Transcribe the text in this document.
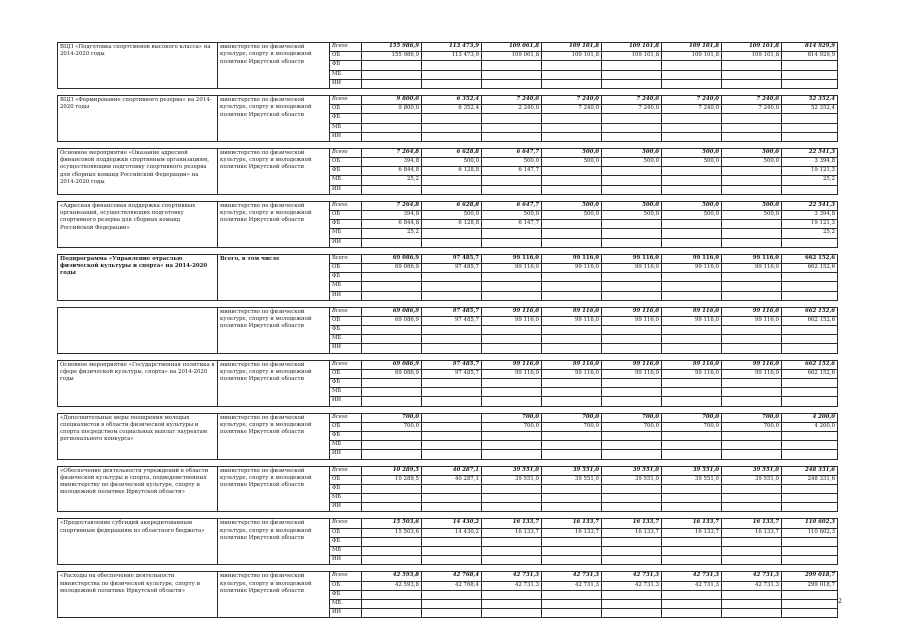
ВЦП «Подготовка спортсменов высокого класса» на 2014-2020 годы	министерство по физической культуре, спорту и молодежной политике Иркутской области	Всего	155 986,9	113 473,9	109 061,8	109 101,8	109 101,8	109 101,8	109 101,8	814 929,9
		ОБ	155 986,9	113 473,9	109 061,8	109 101,8	109 101,8	109 101,8	109 101,8	814 929,9
		ФБ								
		МБ								
		ИИ								

ВЦП «Формирование спортивного резерва» на 2014-2020 годы	министерство по физической культуре, спорту и молодежной политике Иркутской области	Всего	9 800,0	6 352,4	7 240,0	7 240,0	7 240,0	7 240,0	7 240,0	52 352,4
		ОБ	9 800,0	6 352,4	2 240,0	7 240,0	7 240,0	7 240,0	7 240,0	52 352,4
		ФБ								
		МБ								
		ИИ								

Основное мероприятие «Оказание адресной финансовой поддержки спортивным организациям, осуществляющим подготовку спортивного резерва для сборных команд Российской Федерации» на 2014-2020 годы	министерство по физической культуре, спорту и молодежной политике Иркутской области	Всего	7 264,8	6 628,8	6 647,7	500,0	500,0	500,0	500,0	22 541,3
		ОБ	394,8	500,0	500,0	500,0	500,0	500,0	500,0	3 394,8
		ФБ	6 844,8	6 128,8	6 147,7					19 121,3
		МБ	25,2							25,2
		ИИ								

«Адресная финансовая поддержка спортивных организаций, осуществляющих подготовку спортивного резерва для сборных команд Российской Федерации»	министерство по физической культуре, спорту и молодежной политике Иркутской области	Всего	7 264,8	6 628,8	6 647,7	500,0	500,0	500,0	500,0	22 541,3
		ОБ	394,8	500,0	500,0	500,0	500,0	500,0	500,0	3 394,8
		ФБ	6 844,8	6 128,8	6 147,7					19 121,3
		МБ	25,2							25,2
		ИИ								

Подпрограмма «Управление отраслью физической культуры и спорта» на 2014-2020 годы	Всего, в том числе	Всего	69 086,9	97 485,7	99 116,0	99 116,0	99 116,0	99 116,0	99 116,0	662 152,6
		ОБ	69 086,9	97 485,7	99 116,0	99 116,0	99 116,0	99 116,0	99 116,0	662 152,6
		ФБ								
		МБ								
		ИИ								

	министерство по физической культуре, спорту и молодежной политике Иркутской области	Всего	69 086,9	97 485,7	99 116,0	99 116,0	99 116,0	99 116,0	99 116,0	662 152,6
		ОБ	69 086,9	97 485,7	99 116,0	99 116,0	99 116,0	99 116,0	99 116,0	662 152,6
		ФБ								
		МБ								
		ИИ								

Основное мероприятие «Государственная политика в сфере физической культуры, спорта» на 2014-2020 годы	министерство по физической культуре, спорту и молодежной политике Иркутской области	Всего	69 086,9	97 485,7	99 116,0	99 116,0	99 116,0	99 116,0	99 116,0	662 152,6
		ОБ	69 086,9	97 485,7	99 116,0	99 116,0	99 116,0	99 116,0	99 116,0	662 152,6
		ФБ								
		МБ								
		ИИ								

«Дополнительные меры поощрения молодых специалистов в области физической культуры и спорта посредством социальных выплат лауреатам регионального конкурса»	министерство по физической культуре, спорту и молодежной политике Иркутской области	Всего	700,0		700,0	700,0	700,0	700,0	700,0	4 200,0
		ОБ	700,0		700,0	700,0	700,0	700,0	700,0	4 200,0
		ФБ								
		МБ								
		ИИ								

«Обеспечение деятельности учреждений в области физической культуры и спорта, подведомственных министерству по физической культуре, спорту и молодежной политике Иркутской области»	министерство по физической культуре, спорту и молодежной политике Иркутской области	Всего	10 289,5	40 287,1	39 551,0	39 551,0	39 551,0	39 551,0	39 551,0	248 331,6
		ОБ	10 289,5	40 287,1	39 551,0	39 551,0	39 551,0	39 551,0	39 551,0	248 331,6
		ФБ								
		МБ								
		ИИ								

«Предоставление субсидий аккредитованным спортивным федерациям из областного бюджета»	министерство по физической культуре, спорту и молодежной политике Иркутской области	Всего	15 503,6	14 430,2	16 133,7	16 133,7	16 133,7	16 133,7	16 133,7	110 602,3
		ОБ	15 503,6	14 430,2	16 133,7	16 133,7	16 133,7	16 133,7	16 133,7	110 602,3
		ФБ								
		МБ								
		ИИ								

«Расходы на обеспечение деятельности министерства по физической культуре, спорту и молодежной политике Иркутской области»	министерство по физической культуре, спорту и молодежной политике Иркутской области	Всего	42 593,8	42 768,4	42 731,3	42 731,3	42 731,3	42 731,3	42 731,3	299 018,7
		ОБ	42 593,8	42 768,4	42 731,3	42 731,3	42 731,3	42 731,3	42 731,3	299 018,7
		ФБ								
		МБ								
		ИИ								
2
